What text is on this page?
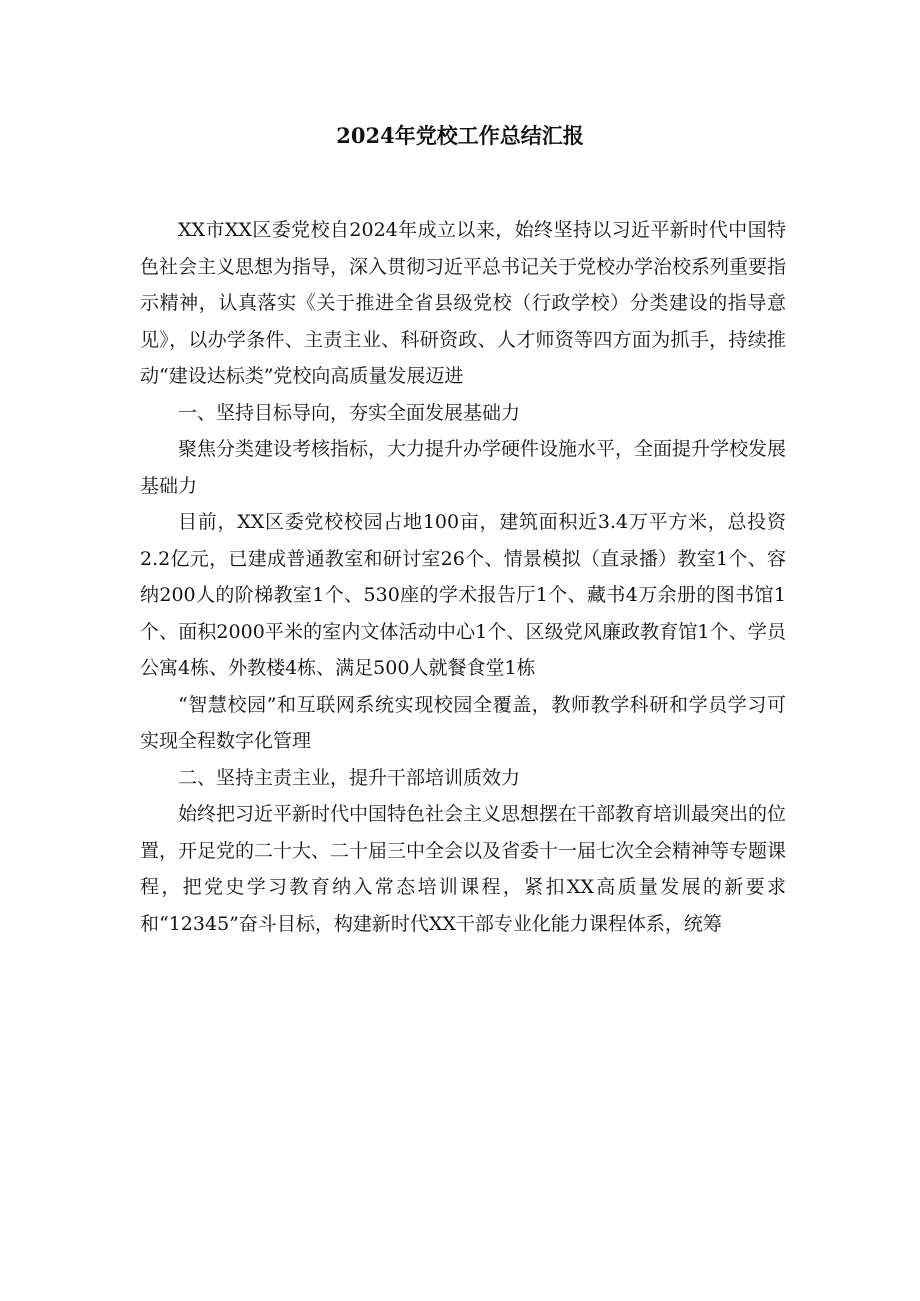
2024年党校工作总结汇报

XX市XX区委党校自2024年成立以来，始终坚持以习近平新时代中国特色社会主义思想为指导，深入贯彻习近平总书记关于党校办学治校系列重要指示精神，认真落实《关于推进全省县级党校（行政学校）分类建设的指导意见》，以办学条件、主责主业、科研资政、人才师资等四方面为抓手，持续推动“建设达标类”党校向高质量发展迈进

一、坚持目标导向，夯实全面发展基础力

聚焦分类建设考核指标，大力提升办学硬件设施水平，全面提升学校发展基础力

目前，XX区委党校校园占地100亩，建筑面积近3.4万平方米，总投资2.2亿元，已建成普通教室和研讨室26个、情景模拟（直录播）教室1个、容纳200人的阶梯教室1个、530座的学术报告厅1个、藏书4万余册的图书馆1个、面积2000平米的室内文体活动中心1个、区级党风廉政教育馆1个、学员公寓4栋、外教楼4栋、满足500人就餐食堂1栋

“智慧校园”和互联网系统实现校园全覆盖，教师教学科研和学员学习可实现全程数字化管理

二、坚持主责主业，提升干部培训质效力

始终把习近平新时代中国特色社会主义思想摆在干部教育培训最突出的位置，开足党的二十大、二十届三中全会以及省委十一届七次全会精神等专题课程，把党史学习教育纳入常态培训课程，紧扣XX高质量发展的新要求和“12345”奋斗目标，构建新时代XX干部专业化能力课程体系，统筹
